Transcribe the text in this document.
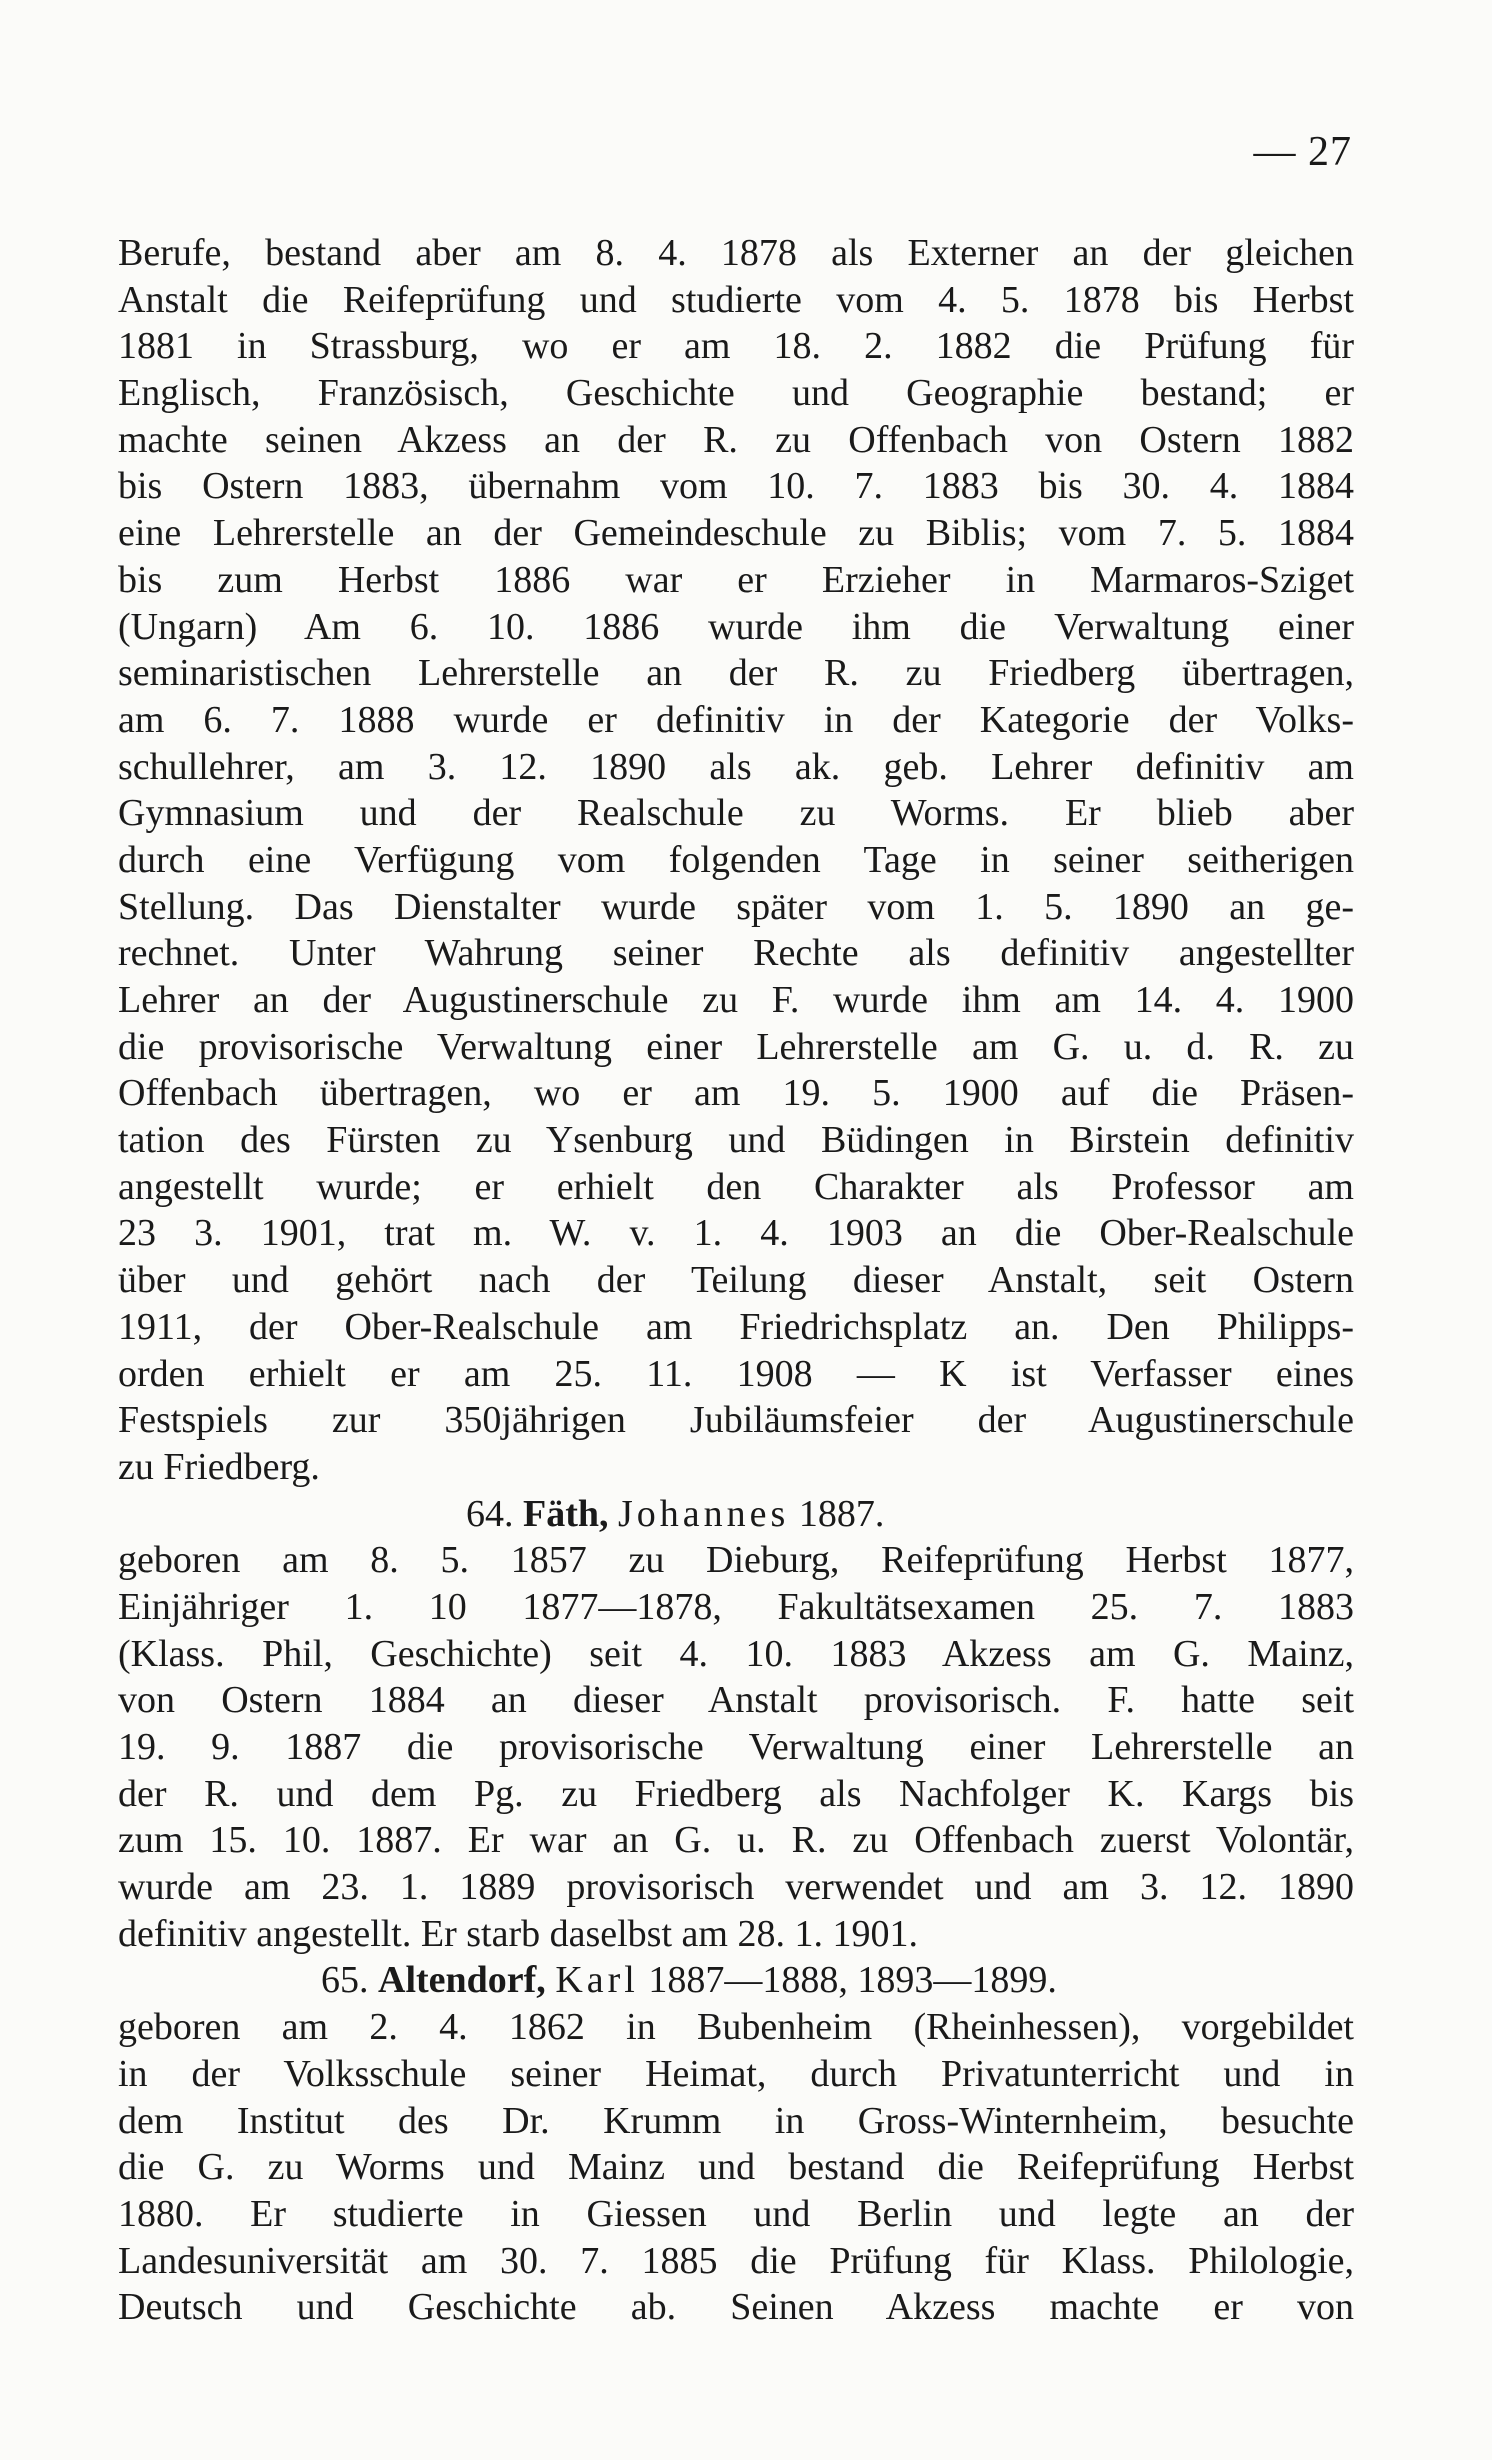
— 27
Berufe, bestand aber am 8. 4. 1878 als Externer an der gleichen
Anstalt die Reifeprüfung und studierte vom 4. 5. 1878 bis Herbst
1881 in Strassburg, wo er am 18. 2. 1882 die Prüfung für
Englisch, Französisch, Geschichte und Geographie bestand; er
machte seinen Akzess an der R. zu Offenbach von Ostern 1882
bis Ostern 1883, übernahm vom 10. 7. 1883 bis 30. 4. 1884
eine Lehrerstelle an der Gemeindeschule zu Biblis; vom 7. 5. 1884
bis zum Herbst 1886 war er Erzieher in Marmaros-Sziget
(Ungarn) Am 6. 10. 1886 wurde ihm die Verwaltung einer
seminaristischen Lehrerstelle an der R. zu Friedberg übertragen,
am 6. 7. 1888 wurde er definitiv in der Kategorie der Volks-
schullehrer, am 3. 12. 1890 als ak. geb. Lehrer definitiv am
Gymnasium und der Realschule zu Worms. Er blieb aber
durch eine Verfügung vom folgenden Tage in seiner seitherigen
Stellung. Das Dienstalter wurde später vom 1. 5. 1890 an ge-
rechnet. Unter Wahrung seiner Rechte als definitiv angestellter
Lehrer an der Augustinerschule zu F. wurde ihm am 14. 4. 1900
die provisorische Verwaltung einer Lehrerstelle am G. u. d. R. zu
Offenbach übertragen, wo er am 19. 5. 1900 auf die Präsen-
tation des Fürsten zu Ysenburg und Büdingen in Birstein definitiv
angestellt wurde; er erhielt den Charakter als Professor am
23 3. 1901, trat m. W. v. 1. 4. 1903 an die Ober-Realschule
über und gehört nach der Teilung dieser Anstalt, seit Ostern
1911, der Ober-Realschule am Friedrichsplatz an. Den Philipps-
orden erhielt er am 25. 11. 1908 — K ist Verfasser eines
Festspiels zur 350jährigen Jubiläumsfeier der Augustinerschule
zu Friedberg.
64. Fäth, Johannes 1887.
geboren am 8. 5. 1857 zu Dieburg, Reifeprüfung Herbst 1877,
Einjähriger 1. 10 1877—1878, Fakultätsexamen 25. 7. 1883
(Klass. Phil, Geschichte) seit 4. 10. 1883 Akzess am G. Mainz,
von Ostern 1884 an dieser Anstalt provisorisch. F. hatte seit
19. 9. 1887 die provisorische Verwaltung einer Lehrerstelle an
der R. und dem Pg. zu Friedberg als Nachfolger K. Kargs bis
zum 15. 10. 1887. Er war an G. u. R. zu Offenbach zuerst Volontär,
wurde am 23. 1. 1889 provisorisch verwendet und am 3. 12. 1890
definitiv angestellt. Er starb daselbst am 28. 1. 1901.
65. Altendorf, Karl 1887—1888, 1893—1899.
geboren am 2. 4. 1862 in Bubenheim (Rheinhessen), vorgebildet
in der Volksschule seiner Heimat, durch Privatunterricht und in
dem Institut des Dr. Krumm in Gross-Winternheim, besuchte
die G. zu Worms und Mainz und bestand die Reifeprüfung Herbst
1880. Er studierte in Giessen und Berlin und legte an der
Landesuniversität am 30. 7. 1885 die Prüfung für Klass. Philologie,
Deutsch und Geschichte ab. Seinen Akzess machte er von
